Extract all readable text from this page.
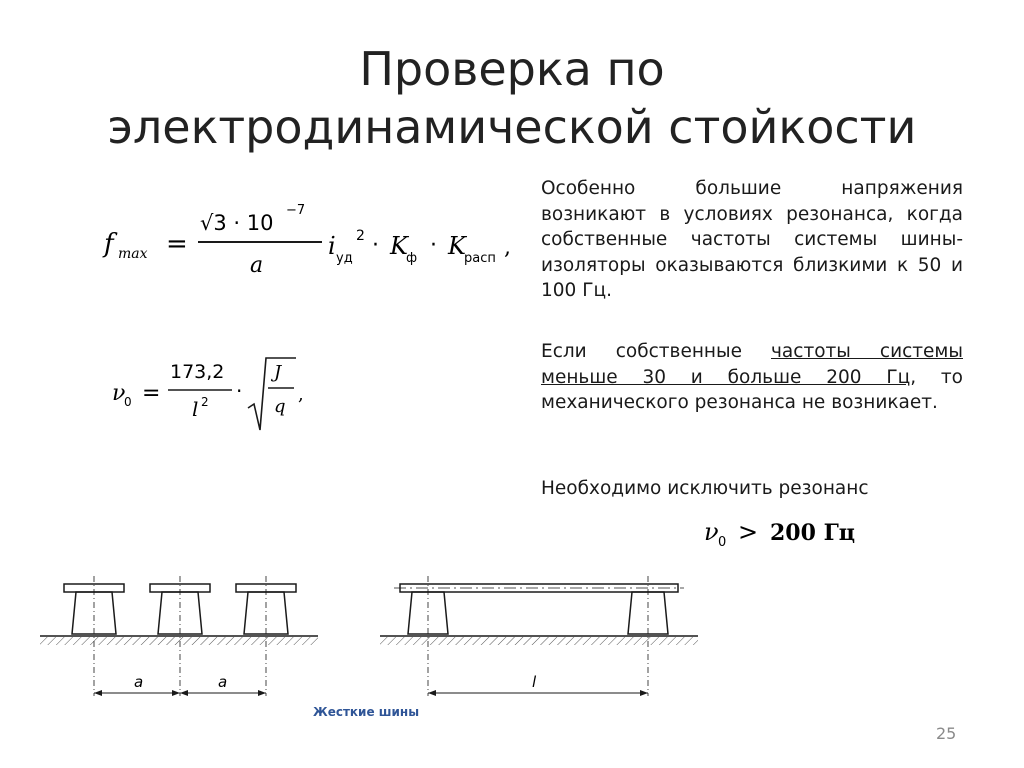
Проверка по
электродинамической стойкости
f max =
√3 · 10
−7
a
i уд
2 · K
ф
· K
расп ,
ν
0 =
173,2
l 2 ·
J
q
,
Особенно большие напряжения возникают в условиях резонанса, когда собственные частоты системы шины-изоляторы оказываются близкими к 50 и 100 Гц.
Если собственные частоты системы меньше 30 и больше 200 Гц, то механического резонанса не возникает.
Необходимо исключить резонанс
ν 0 > 200 Гц
a	a	l
Жесткие шины
25
